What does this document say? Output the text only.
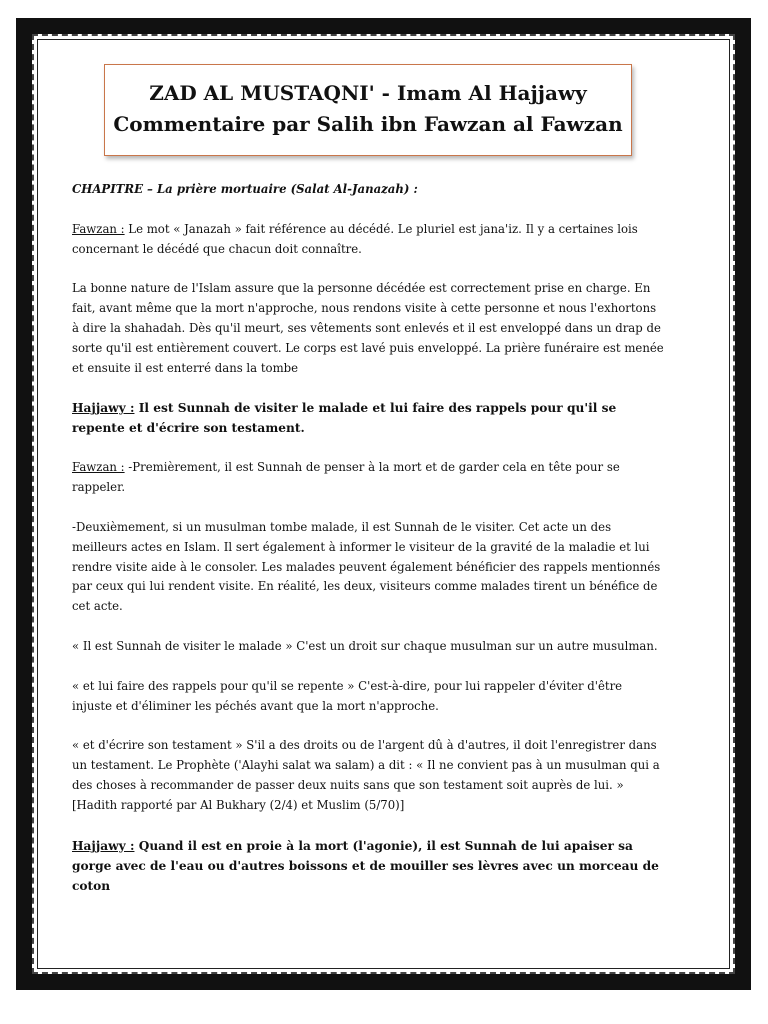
ZAD AL MUSTAQNI' - Imam Al Hajjawy
Commentaire par Salih ibn Fawzan al Fawzan

CHAPITRE – La prière mortuaire (Salat Al-Janazah) :

Fawzan : Le mot « Janazah » fait référence au décédé. Le pluriel est jana'iz. Il y a certaines lois concernant le décédé que chacun doit connaître.

La bonne nature de l'Islam assure que la personne décédée est correctement prise en charge. En fait, avant même que la mort n'approche, nous rendons visite à cette personne et nous l'exhortons à dire la shahadah. Dès qu'il meurt, ses vêtements sont enlevés et il est enveloppé dans un drap de sorte qu'il est entièrement couvert. Le corps est lavé puis enveloppé. La prière funéraire est menée et ensuite il est enterré dans la tombe

Hajjawy : Il est Sunnah de visiter le malade et lui faire des rappels pour qu'il se repente et d'écrire son testament.

Fawzan : -Premièrement, il est Sunnah de penser à la mort et de garder cela en tête pour se rappeler.

-Deuxièmement, si un musulman tombe malade, il est Sunnah de le visiter. Cet acte un des meilleurs actes en Islam. Il sert également à informer le visiteur de la gravité de la maladie et lui rendre visite aide à le consoler. Les malades peuvent également bénéficier des rappels mentionnés par ceux qui lui rendent visite. En réalité, les deux, visiteurs comme malades tirent un bénéfice de cet acte.

« Il est Sunnah de visiter le malade » C'est un droit sur chaque musulman sur un autre musulman.

« et lui faire des rappels pour qu'il se repente » C'est-à-dire, pour lui rappeler d'éviter d'être injuste et d'éliminer les péchés avant que la mort n'approche.

« et d'écrire son testament » S'il a des droits ou de l'argent dû à d'autres, il doit l'enregistrer dans un testament. Le Prophète ('Alayhi salat wa salam) a dit : « Il ne convient pas à un musulman qui a des choses à recommander de passer deux nuits sans que son testament soit auprès de lui. » [Hadith rapporté par Al Bukhary (2/4) et Muslim (5/70)]

Hajjawy : Quand il est en proie à la mort (l'agonie), il est Sunnah de lui apaiser sa gorge avec de l'eau ou d'autres boissons et de mouiller ses lèvres avec un morceau de coton
